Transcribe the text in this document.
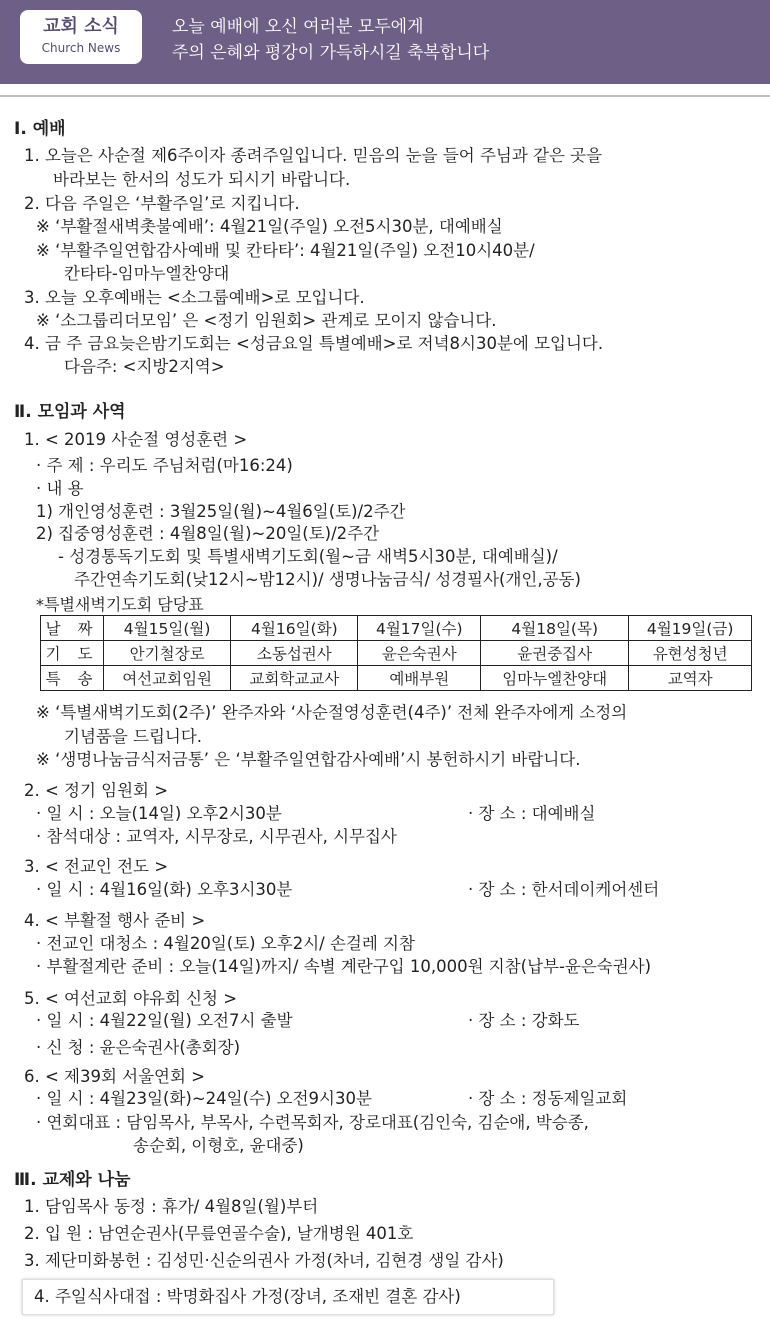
교회 소식
Church News
오늘 예배에 오신 여러분 모두에게
주의 은혜와 평강이 가득하시길 축복합니다
Ⅰ. 예배
1. 오늘은 사순절 제6주이자 종려주일입니다. 믿음의 눈을 들어 주님과 같은 곳을
바라보는 한서의 성도가 되시기 바랍니다.
2. 다음 주일은 ‘부활주일’로 지킵니다.
※ ‘부활절새벽촛불예배’: 4월21일(주일) 오전5시30분, 대예배실
※ ‘부활주일연합감사예배 및 칸타타’: 4월21일(주일) 오전10시40분/
칸타타-임마누엘찬양대
3. 오늘 오후예배는 <소그룹예배>로 모입니다.
※ ‘소그룹리더모임’ 은 <정기 임원회> 관계로 모이지 않습니다.
4. 금 주 금요늦은밤기도회는 <성금요일 특별예배>로 저녁8시30분에 모입니다.
다음주: <지방2지역>
Ⅱ. 모임과 사역
1. < 2019 사순절 영성훈련 >
· 주 제 : 우리도 주님처럼(마16:24)
· 내 용
1) 개인영성훈련 : 3월25일(월)~4월6일(토)/2주간
2) 집중영성훈련 : 4월8일(월)~20일(토)/2주간
- 성경통독기도회 및 특별새벽기도회(월~금 새벽5시30분, 대예배실)/
주간연속기도회(낮12시~밤12시)/ 생명나눔금식/ 성경필사(개인,공동)
*특별새벽기도회 담당표
날 짜	4월15일(월)	4월16일(화)	4월17일(수)	4월18일(목)	4월19일(금)
기 도	안기철장로	소동섭권사	윤은숙권사	윤권중집사	유현성청년
특 송	여선교회임원	교회학교교사	예배부원	임마누엘찬양대	교역자
※ ‘특별새벽기도회(2주)’ 완주자와 ‘사순절영성훈련(4주)’ 전체 완주자에게 소정의
기념품을 드립니다.
※ ‘생명나눔금식저금통’ 은 ‘부활주일연합감사예배’시 봉헌하시기 바랍니다.
2. < 정기 임원회 >
· 일 시 : 오늘(14일) 오후2시30분	· 장 소 : 대예배실
· 참석대상 : 교역자, 시무장로, 시무권사, 시무집사
3. < 전교인 전도 >
· 일 시 : 4월16일(화) 오후3시30분	· 장 소 : 한서데이케어센터
4. < 부활절 행사 준비 >
· 전교인 대청소 : 4월20일(토) 오후2시/ 손걸레 지참
· 부활절계란 준비 : 오늘(14일)까지/ 속별 계란구입 10,000원 지참(납부-윤은숙권사)
5. < 여선교회 야유회 신청 >
· 일 시 : 4월22일(월) 오전7시 출발	· 장 소 : 강화도
· 신 청 : 윤은숙권사(총회장)
6. < 제39회 서울연회 >
· 일 시 : 4월23일(화)~24일(수) 오전9시30분	· 장 소 : 정동제일교회
· 연회대표 : 담임목사, 부목사, 수련목회자, 장로대표(김인숙, 김순애, 박승종,
송순회, 이형호, 윤대중)
Ⅲ. 교제와 나눔
1. 담임목사 동정 : 휴가/ 4월8일(월)부터
2. 입 원 : 남연순권사(무릎연골수술), 날개병원 401호
3. 제단미화봉헌 : 김성민·신순의권사 가정(차녀, 김현경 생일 감사)
4. 주일식사대접 : 박명화집사 가정(장녀, 조재빈 결혼 감사)
